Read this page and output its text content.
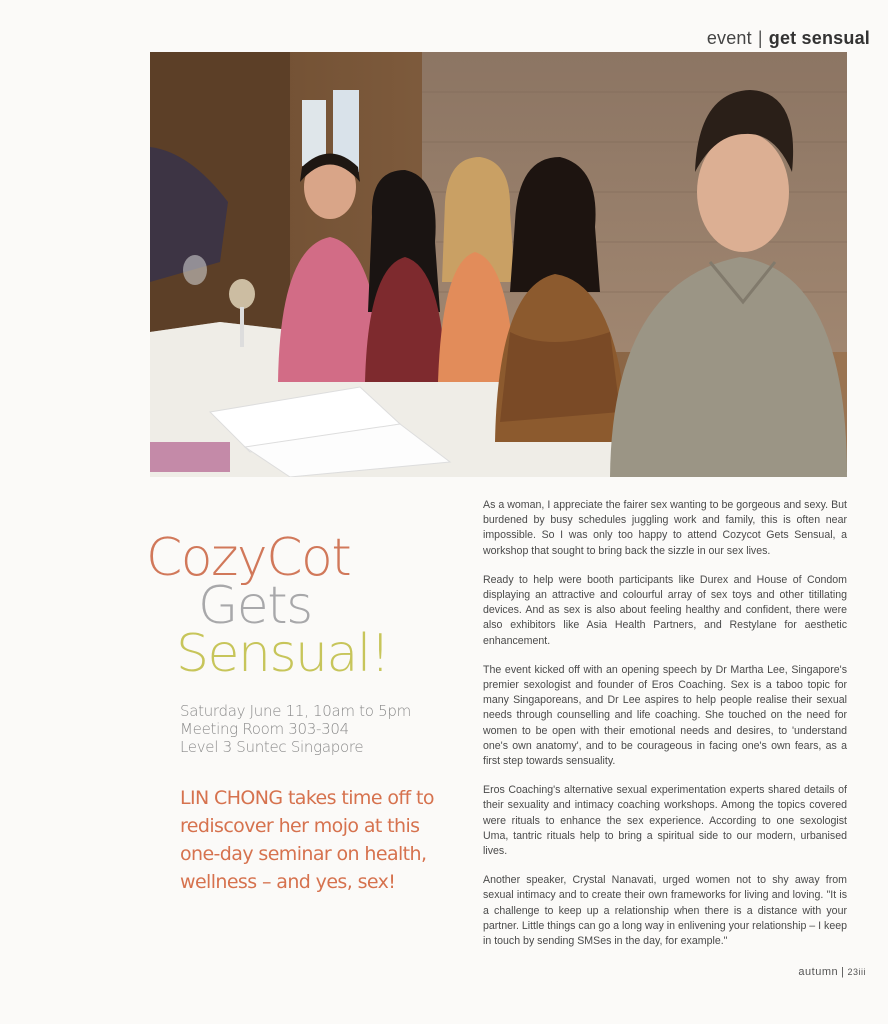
event | get sensual
CozyCot
Gets
Sensual!
Saturday June 11, 10am to 5pm
Meeting Room 303-304
Level 3 Suntec Singapore
LIN CHONG takes time off to rediscover her mojo at this one-day seminar on health, wellness – and yes, sex!

As a woman, I appreciate the fairer sex wanting to be gorgeous and sexy. But burdened by busy schedules juggling work and family, this is often near impossible. So I was only too happy to attend Cozycot Gets Sensual, a workshop that sought to bring back the sizzle in our sex lives.

Ready to help were booth participants like Durex and House of Condom displaying an attractive and colourful array of sex toys and other titillating devices. And as sex is also about feeling healthy and confident, there were also exhibitors like Asia Health Partners, and Restylane for aesthetic enhancement.

The event kicked off with an opening speech by Dr Martha Lee, Singapore's premier sexologist and founder of Eros Coaching. Sex is a taboo topic for many Singaporeans, and Dr Lee aspires to help people realise their sexual needs through counselling and life coaching. She touched on the need for women to be open with their emotional needs and desires, to 'understand one's own anatomy', and to be courageous in facing one's own fears, as a first step towards sensuality.

Eros Coaching's alternative sexual experimentation experts shared details of their sexuality and intimacy coaching workshops. Among the topics covered were rituals to enhance the sex experience. According to one sexologist Uma, tantric rituals help to bring a spiritual side to our modern, urbanised lives.

Another speaker, Crystal Nanavati, urged women not to shy away from sexual intimacy and to create their own frameworks for living and loving. "It is a challenge to keep up a relationship when there is a distance with your partner. Little things can go a long way in enlivening your relationship – I keep in touch by sending SMSes in the day, for example."

autumn | 23iii
